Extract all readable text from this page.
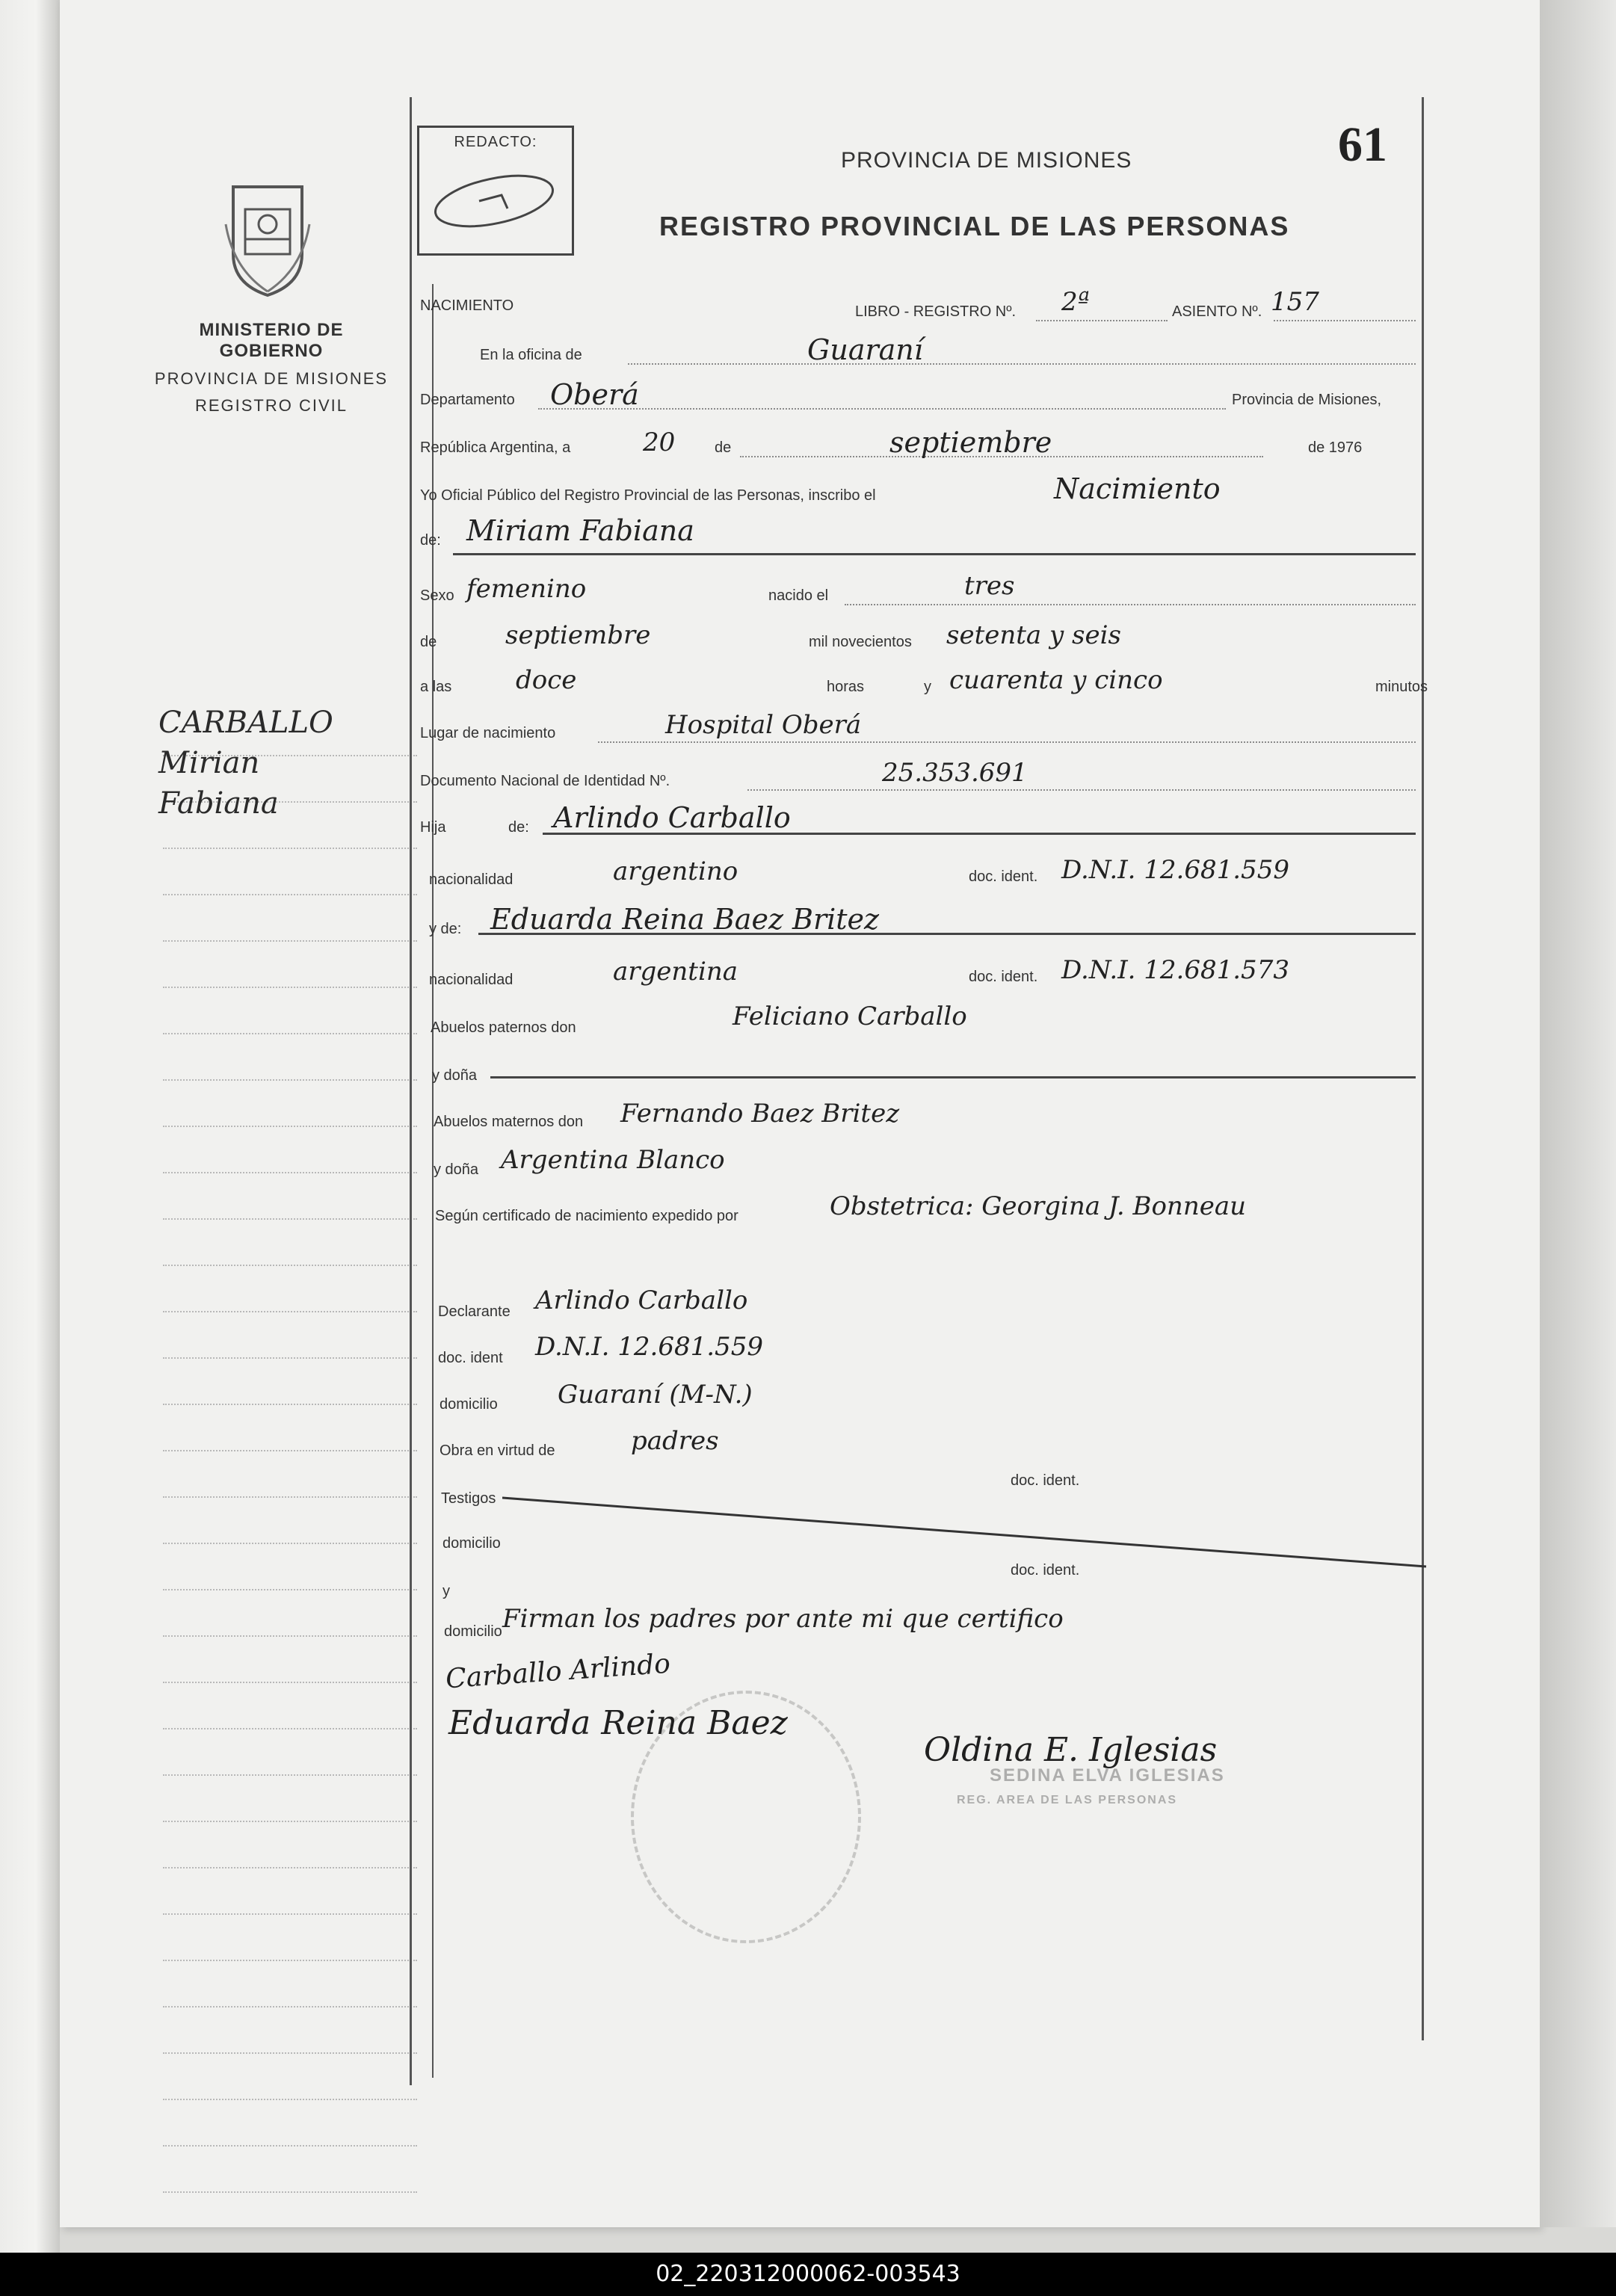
REDACTO:	61
PROVINCIA DE MISIONES
REGISTRO PROVINCIAL DE LAS PERSONAS
MINISTERIO DE GOBIERNO
PROVINCIA DE MISIONES
REGISTRO CIVIL
CARBALLO
Mirian
Fabiana
NACIMIENTO	LIBRO - REGISTRO Nº. 2ª	ASIENTO Nº. 157
En la oficina de	Guaraní
Departamento Oberá	Provincia de Misiones,
República Argentina, a	20	de	septiembre	de 1976
Yo Oficial Público del Registro Provincial de las Personas, inscribo el	Nacimiento
de: Miriam Fabiana
Sexo femenino	nacido el	tres
de	septiembre	mil novecientos setenta y seis
a las	doce	horas	y cuarenta y cinco	minutos
Lugar de nacimiento	Hospital Oberá
Documento Nacional de Identidad Nº.	25.353.691
Hija	de: Arlindo Carballo
nacionalidad	argentino	doc. ident. D.N.I. 12.681.559
y de: Eduarda Reina Baez Britez
nacionalidad	argentina	doc. ident. D.N.I. 12.681.573
Abuelos paternos don	Feliciano Carballo
y doña
Abuelos maternos don Fernando Baez Britez
y doña Argentina Blanco
Según certificado de nacimiento expedido por	Obstetrica: Georgina J. Bonneau
Declarante Arlindo Carballo
doc. ident D.N.I. 12.681.559
domicilio Guaraní (M-N.)
Obra en virtud de	padres
doc. ident.
Testigos
domicilio
y
doc. ident.
domicilio Firman los padres por ante mi que certifico
Carballo Arlindo
Eduarda Reina Baez
Oldina E. Iglesias
SEDINA ELVA IGLESIAS
REG. AREA DE LAS PERSONAS
02_220312000062-003543
